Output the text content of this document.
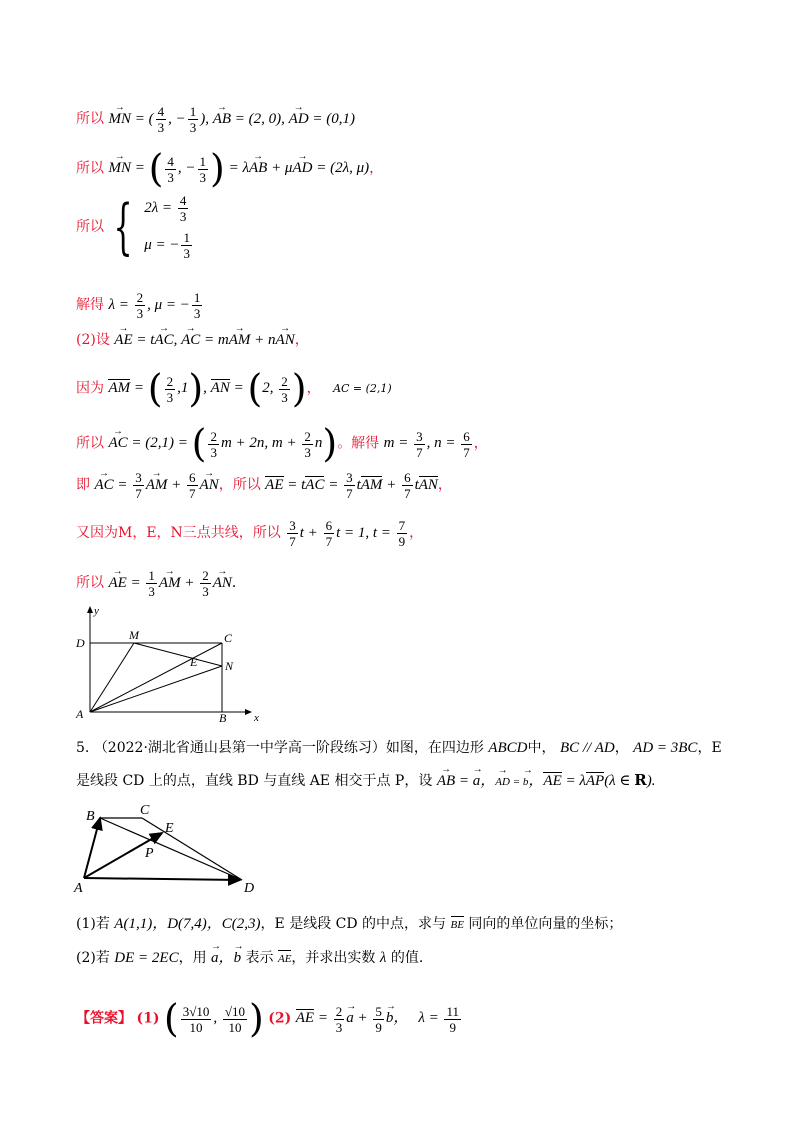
所以 → MN = ( $\frac{4}{3}$ , − $\frac{1}{3}$ ), → AB = (2, 0), → AD = (0,1)
所以 → MN = ( $\frac{4}{3}$ , − $\frac{1}{3}$ ) = λ→ AB + μ→ AD = (2λ, μ)，
所以 { $2\lambda = \frac{4}{3}$
μ = − $\frac{1}{3}$
解得 $\lambda = \frac{2}{3}$ , μ = − $\frac{1}{3}$
(2)设 → AE = t→ AC, → AC = m→ AM + n→ AN，
因为 AM = ( $\frac{2}{3} ,1$), AN = (2, $\frac{2}{3}$ )， AC = (2,1)
所以 → AC = (2,1) = ( $\frac{2}{3}$ m + 2n, $m + \frac{2}{3} n$)。解得 $m = \frac{3}{7}$ , $n = \frac{6}{7}$ ，
即 → AC = $\frac{3}{7}$
→ AM + $\frac{6}{7}$
→ AN，所以 AE = tAC = $\frac{3}{7}$ tAM + $\frac{6}{7}$ tAN，
又因为M，E，N三点共线，所以 $\frac{3}{7}$ $t + \frac{6}{7}$ t = 1, $t = \frac{7}{9}$ ，
所以 → AE = $\frac{1}{3}$
→ AM + $\frac{2}{3}$
→ AN．
y
x
D
M	C
E N
A	B
5. （2022·湖北省通山县第一中学高一阶段练习）如图，在四边形 ABCD中， BC // AD， AD = 3BC，E
是线段 CD 上的点，直线 BD 与直线 AE 相交于点 P，设 → AB = → a，→ AD = → b，AE = λAP(λ ∈ R).
B	C
E
P
A	D
(1)若 A(1,1)，D(7,4)，C(2,3)，E 是线段 CD 的中点，求与 BE 同向的单位向量的坐标；
(2)若 DE = 2EC，用 → a，→ b 表示 AE，并求出实数 λ 的值.
【答案】 (1) ( $\frac{3√10}{10}$ , $\frac{√10}{10}$ ) (2) AE = $\frac{2}{3}$
→ $a + \frac{5}{9}$
→ b， $\lambda = \frac{11}{9}$
